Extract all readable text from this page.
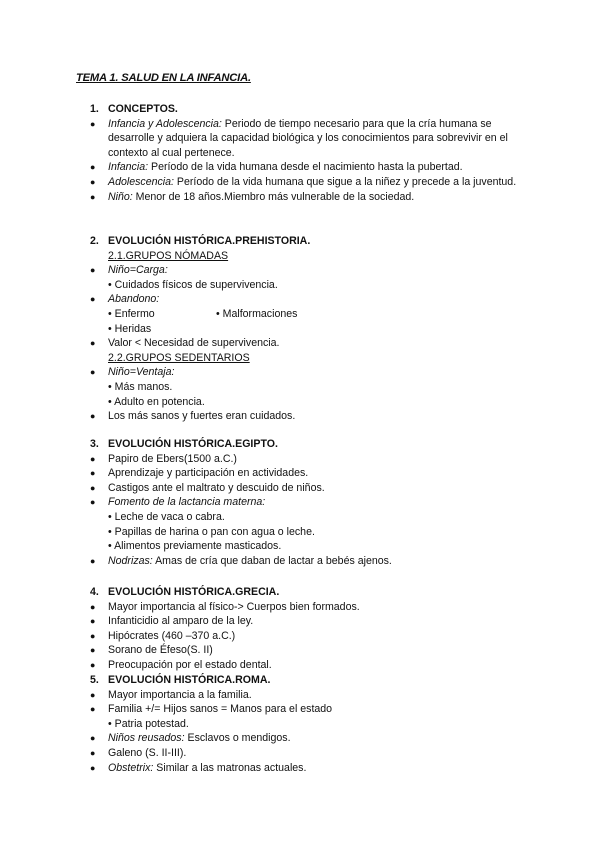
TEMA 1. SALUD EN LA INFANCIA.
1. CONCEPTOS.
● Infancia y Adolescencia: Periodo de tiempo necesario para que la cría humana se desarrolle y adquiera la capacidad biológica y los conocimientos para sobrevivir en el contexto al cual pertenece.
● Infancia: Período de la vida humana desde el nacimiento hasta la pubertad.
● Adolescencia: Período de la vida humana que sigue a la niñez y precede a la juventud.
● Niño: Menor de 18 años.Miembro más vulnerable de la sociedad.
2. EVOLUCIÓN HISTÓRICA.PREHISTORIA.
2.1.GRUPOS NÓMADAS
● Niño=Carga:
• Cuidados físicos de supervivencia.
● Abandono:
• Enfermo	• Malformaciones
• Heridas
● Valor < Necesidad de supervivencia.
2.2.GRUPOS SEDENTARIOS
● Niño=Ventaja:
• Más manos.
• Adulto en potencia.
● Los más sanos y fuertes eran cuidados.
3. EVOLUCIÓN HISTÓRICA.EGIPTO.
● Papiro de Ebers(1500 a.C.)
● Aprendizaje y participación en actividades.
● Castigos ante el maltrato y descuido de niños.
● Fomento de la lactancia materna:
• Leche de vaca o cabra.
• Papillas de harina o pan con agua o leche.
• Alimentos previamente masticados.
● Nodrizas: Amas de cría que daban de lactar a bebés ajenos.
4. EVOLUCIÓN HISTÓRICA.GRECIA.
● Mayor importancia al físico-> Cuerpos bien formados.
● Infanticidio al amparo de la ley.
● Hipócrates (460 –370 a.C.)
● Sorano de Éfeso(S. II)
● Preocupación por el estado dental.
5. EVOLUCIÓN HISTÓRICA.ROMA.
● Mayor importancia a la familia.
● Familia +/= Hijos sanos = Manos para el estado
• Patria potestad.
● Niños reusados: Esclavos o mendigos.
● Galeno (S. II-III).
● Obstetrix: Similar a las matronas actuales.
